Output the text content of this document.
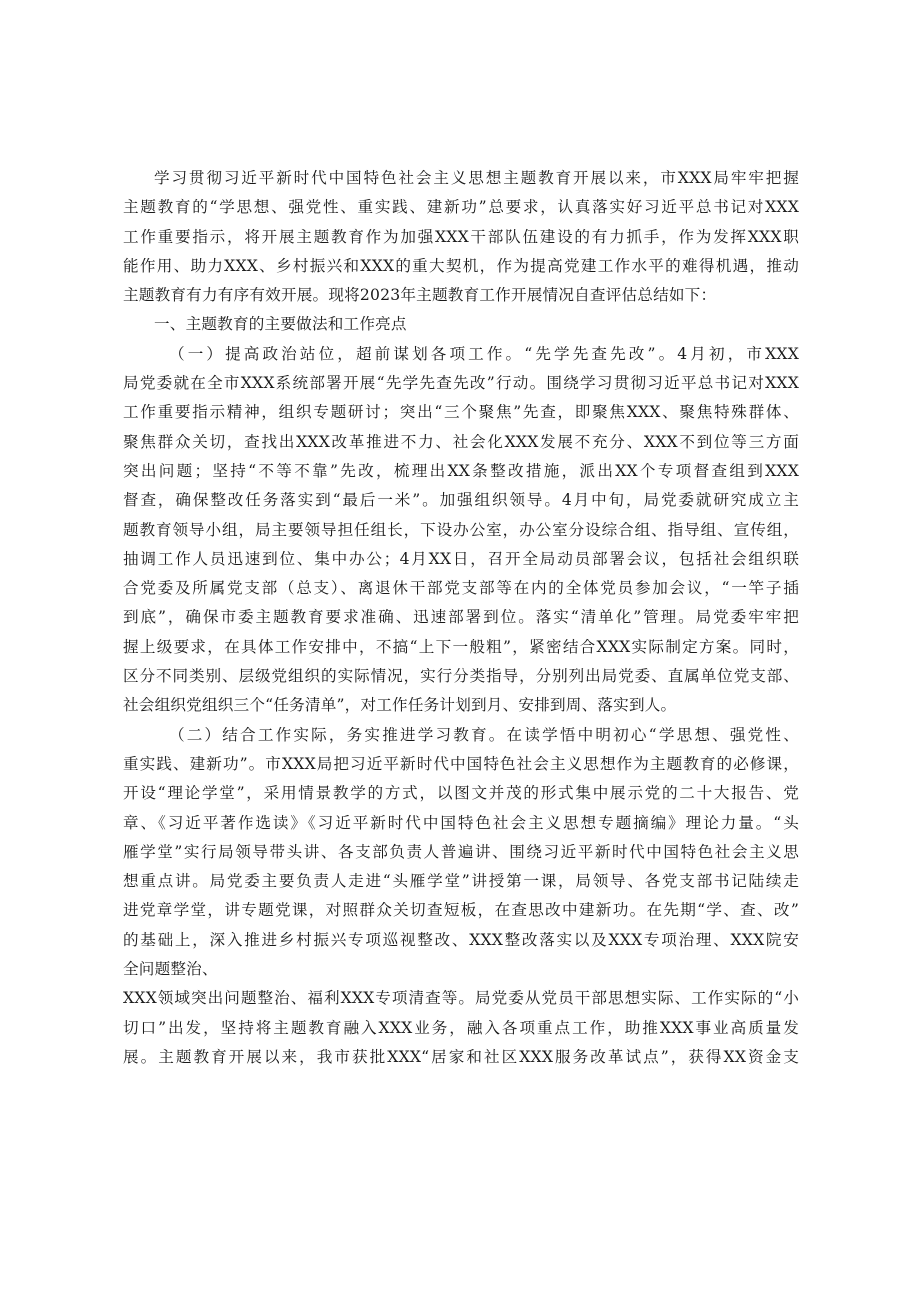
学习贯彻习近平新时代中国特色社会主义思想主题教育开展以来，市XXX局牢牢把握
主题教育的“学思想、强党性、重实践、建新功”总要求，认真落实好习近平总书记对XXX
工作重要指示，将开展主题教育作为加强XXX干部队伍建设的有力抓手，作为发挥XXX职
能作用、助力XXX、乡村振兴和XXX的重大契机，作为提高党建工作水平的难得机遇，推动
主题教育有力有序有效开展。现将2023年主题教育工作开展情况自查评估总结如下：
一、主题教育的主要做法和工作亮点
（一）提高政治站位，超前谋划各项工作。“先学先查先改”。4月初，市XXX
局党委就在全市XXX系统部署开展“先学先查先改”行动。围绕学习贯彻习近平总书记对XXX
工作重要指示精神，组织专题研讨；突出“三个聚焦”先查，即聚焦XXX、聚焦特殊群体、
聚焦群众关切，查找出XXX改革推进不力、社会化XXX发展不充分、XXX不到位等三方面
突出问题；坚持“不等不靠”先改，梳理出XX条整改措施，派出XX个专项督查组到XXX
督查，确保整改任务落实到“最后一米”。加强组织领导。4月中旬，局党委就研究成立主
题教育领导小组，局主要领导担任组长，下设办公室，办公室分设综合组、指导组、宣传组，
抽调工作人员迅速到位、集中办公；4月XX日，召开全局动员部署会议，包括社会组织联
合党委及所属党支部（总支）、离退休干部党支部等在内的全体党员参加会议，“一竿子插
到底”，确保市委主题教育要求准确、迅速部署到位。落实“清单化”管理。局党委牢牢把
握上级要求，在具体工作安排中，不搞“上下一般粗”，紧密结合XXX实际制定方案。同时，
区分不同类别、层级党组织的实际情况，实行分类指导，分别列出局党委、直属单位党支部、
社会组织党组织三个“任务清单”，对工作任务计划到月、安排到周、落实到人。
（二）结合工作实际，务实推进学习教育。在读学悟中明初心“学思想、强党性、
重实践、建新功”。市XXX局把习近平新时代中国特色社会主义思想作为主题教育的必修课，
开设“理论学堂”，采用情景教学的方式，以图文并茂的形式集中展示党的二十大报告、党
章、《习近平著作选读》《习近平新时代中国特色社会主义思想专题摘编》理论力量。“头
雁学堂”实行局领导带头讲、各支部负责人普遍讲、围绕习近平新时代中国特色社会主义思
想重点讲。局党委主要负责人走进“头雁学堂”讲授第一课，局领导、各党支部书记陆续走
进党章学堂，讲专题党课，对照群众关切查短板，在查思改中建新功。在先期“学、查、改”
的基础上，深入推进乡村振兴专项巡视整改、XXX整改落实以及XXX专项治理、XXX院安
全问题整治、
XXX领域突出问题整治、福利XXX专项清查等。局党委从党员干部思想实际、工作实际的“小
切口”出发，坚持将主题教育融入XXX业务，融入各项重点工作，助推XXX事业高质量发
展。主题教育开展以来，我市获批XXX“居家和社区XXX服务改革试点”，获得XX资金支
